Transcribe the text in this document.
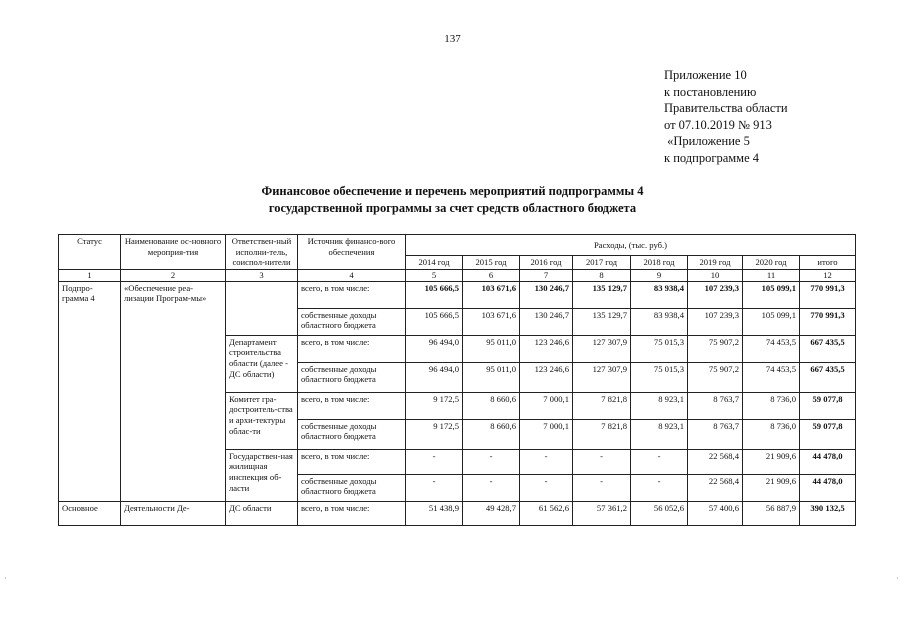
137
Приложение 10
к постановлению
Правительства области
от 07.10.2019 № 913
«Приложение 5
к подпрограмме 4
Финансовое обеспечение и перечень мероприятий подпрограммы 4
государственной программы за счет средств областного бюджета
Статус	Наименование ос-новного мероприя-тия	Ответствен-ный исполни-тель, соиспол-нители	Источник финансо-вого обеспечения	Расходы, (тыс. руб.)							
				2014 год	2015 год	2016 год	2017 год	2018 год	2019 год	2020 год	итого
1	2	3	4	5	6	7	8	9	10	11	12
Подпро-грамма 4	«Обеспечение реа-лизации Програм-мы»		всего, в том числе:	105 666,5	103 671,6	130 246,7	135 129,7	83 938,4	107 239,3	105 099,1	770 991,3
			собственные доходы областного бюджета	105 666,5	103 671,6	130 246,7	135 129,7	83 938,4	107 239,3	105 099,1	770 991,3
		Департамент строительства области (далее - ДС области)	всего, в том числе:	96 494,0	95 011,0	123 246,6	127 307,9	75 015,3	75 907,2	74 453,5	667 435,5
			собственные доходы областного бюджета	96 494,0	95 011,0	123 246,6	127 307,9	75 015,3	75 907,2	74 453,5	667 435,5
		Комитет гра-достроитель-ства и архи-тектуры облас-ти	всего, в том числе:	9 172,5	8 660,6	7 000,1	7 821,8	8 923,1	8 763,7	8 736,0	59 077,8
			собственные доходы областного бюджета	9 172,5	8 660,6	7 000,1	7 821,8	8 923,1	8 763,7	8 736,0	59 077,8
		Государствен-ная жилищная инспекция об-ласти	всего, в том числе:	-	-	-	-	-	22 568,4	21 909,6	44 478,0
			собственные доходы областного бюджета	-	-	-	-	-	22 568,4	21 909,6	44 478,0
Основное	Деятельности Де-	ДС области	всего, в том числе:	51 438,9	49 428,7	61 562,6	57 361,2	56 052,6	57 400,6	56 887,9	390 132,5
·	·
